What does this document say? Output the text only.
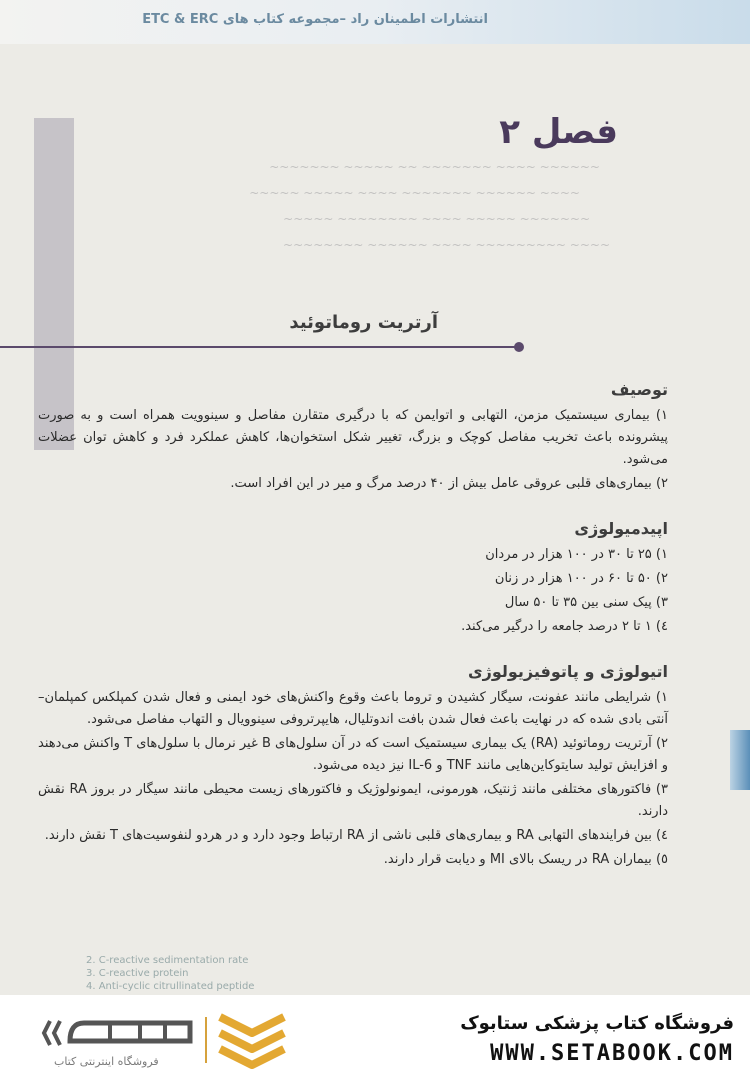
انتشارات اطمینان راد –مجموعه کتاب های ETC & ERC
~~~~~~ ~~~~ ~~~~~~~ ~~ ~~~~~ ~~~~~~~
~~~~ ~~~~~~ ~~~~~~~ ~~~~ ~~~~~ ~~~~~
~~~~~~~ ~~~~~ ~~~~ ~~~~~~~~ ~~~~~
~~~~ ~~~~~~~~~ ~~~~ ~~~~~~ ~~~~~~~~
فصل ۲
آرتریت روماتوئید
توصیف

۱) بیماری سیستمیک مزمن، التهابی و اتوایمن که با درگیری متقارن مفاصل و سینوویت همراه است و به صورت پیشرونده باعث تخریب مفاصل کوچک و بزرگ، تغییر شکل استخوان‌ها، کاهش عملکرد فرد و کاهش توان عضلات می‌شود.

۲) بیماری‌های قلبی عروقی عامل بیش از ۴۰ درصد مرگ و میر در این افراد است.

اپیدمیولوژی

۱) ۲۵ تا ۳۰ در ۱۰۰ هزار در مردان

۲) ۵۰ تا ۶۰ در ۱۰۰ هزار در زنان

۳) پیک سنی بین ۳۵ تا ۵۰ سال

٤) ۱ تا ۲ درصد جامعه را درگیر می‌کند.

اتیولوژی و پاتوفیزیولوژی

۱) شرایطی مانند عفونت، سیگار کشیدن و تروما باعث وقوع واکنش‌های خود ایمنی و فعال شدن کمپلکس کمپلمان–آنتی بادی شده که در نهایت باعث فعال شدن بافت اندوتلیال، هایپرتروفی سینوویال و التهاب مفاصل می‌شود.

۲) آرتریت روماتوئید (RA) یک بیماری سیستمیک است که در آن سلول‌های B غیر نرمال با سلول‌های T واکنش می‌دهند و افزایش تولید سایتوکاین‌هایی مانند TNF و IL-6 نیز دیده می‌شود.

۳) فاکتورهای مختلفی مانند ژنتیک، هورمونی، ایمونولوژیک و فاکتورهای زیست محیطی مانند سیگار در بروز RA نقش دارند.

٤) بین فرایندهای التهابی RA و بیماری‌های قلبی ناشی از RA ارتباط وجود دارد و در هردو لنفوسیت‌های T نقش دارند.

٥) بیماران RA در ریسک بالای MI و دیابت قرار دارند.

2. C-reactive sedimentation rate
3. C-reactive protein
4. Anti-cyclic citrullinated peptide
فروشگاه کتاب پزشکی ستابوک
WWW.SETABOOK.COM
فروشگاه اینترنتی کتاب
